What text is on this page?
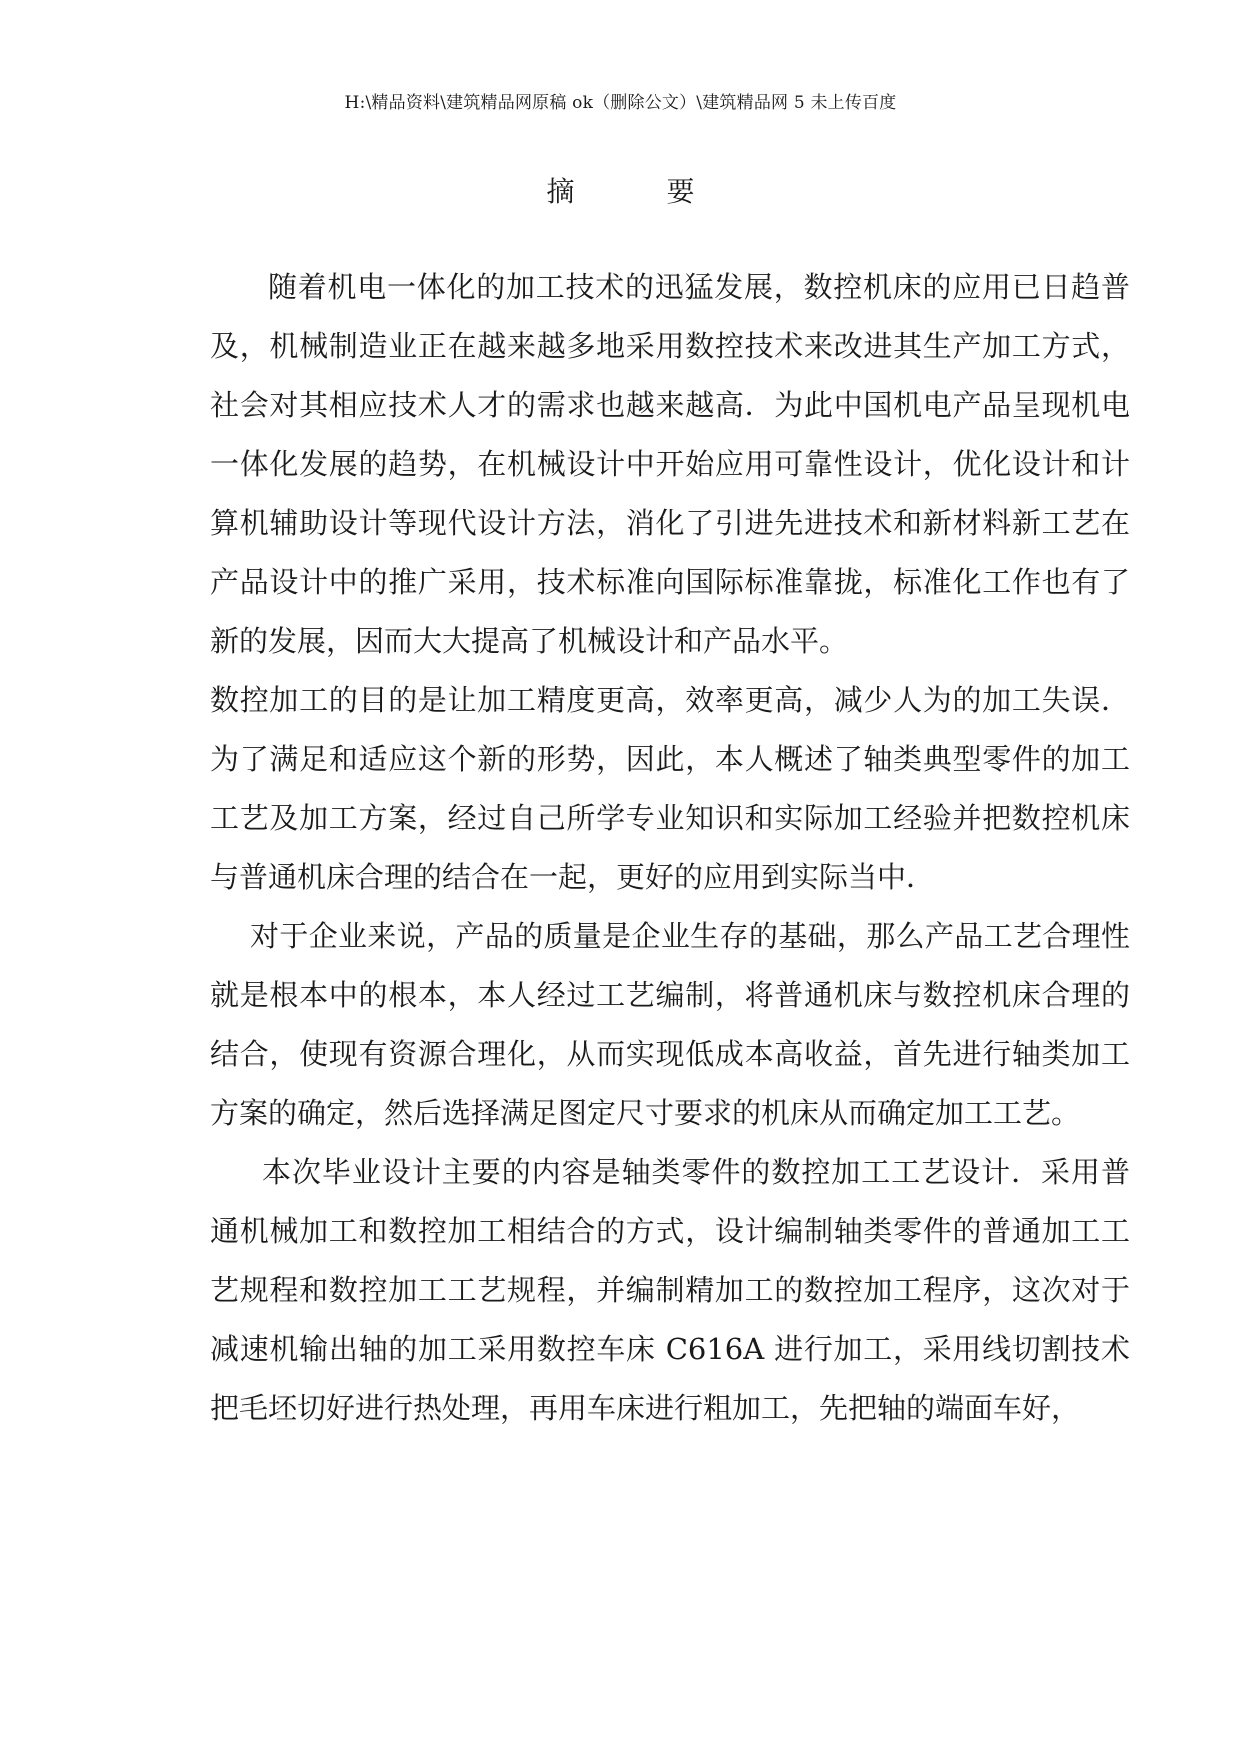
H:\精品资料\建筑精品网原稿 ok（删除公文）\建筑精品网 5 未上传百度
摘	要

随着机电一体化的加工技术的迅猛发展，数控机床的应用已日趋普及，机械制造业正在越来越多地采用数控技术来改进其生产加工方式，社会对其相应技术人才的需求也越来越高．为此中国机电产品呈现机电一体化发展的趋势，在机械设计中开始应用可靠性设计，优化设计和计算机辅助设计等现代设计方法，消化了引进先进技术和新材料新工艺在产品设计中的推广采用，技术标准向国际标准靠拢，标准化工作也有了新的发展，因而大大提高了机械设计和产品水平。

数控加工的目的是让加工精度更高，效率更高，减少人为的加工失误．为了满足和适应这个新的形势，因此，本人概述了轴类典型零件的加工工艺及加工方案，经过自己所学专业知识和实际加工经验并把数控机床与普通机床合理的结合在一起，更好的应用到实际当中．

对于企业来说，产品的质量是企业生存的基础，那么产品工艺合理性就是根本中的根本，本人经过工艺编制，将普通机床与数控机床合理的结合，使现有资源合理化，从而实现低成本高收益，首先进行轴类加工方案的确定，然后选择满足图定尺寸要求的机床从而确定加工工艺。

本次毕业设计主要的内容是轴类零件的数控加工工艺设计．采用普通机械加工和数控加工相结合的方式，设计编制轴类零件的普通加工工艺规程和数控加工工艺规程，并编制精加工的数控加工程序，这次对于减速机输出轴的加工采用数控车床 C616A 进行加工，采用线切割技术把毛坯切好进行热处理，再用车床进行粗加工，先把轴的端面车好，
